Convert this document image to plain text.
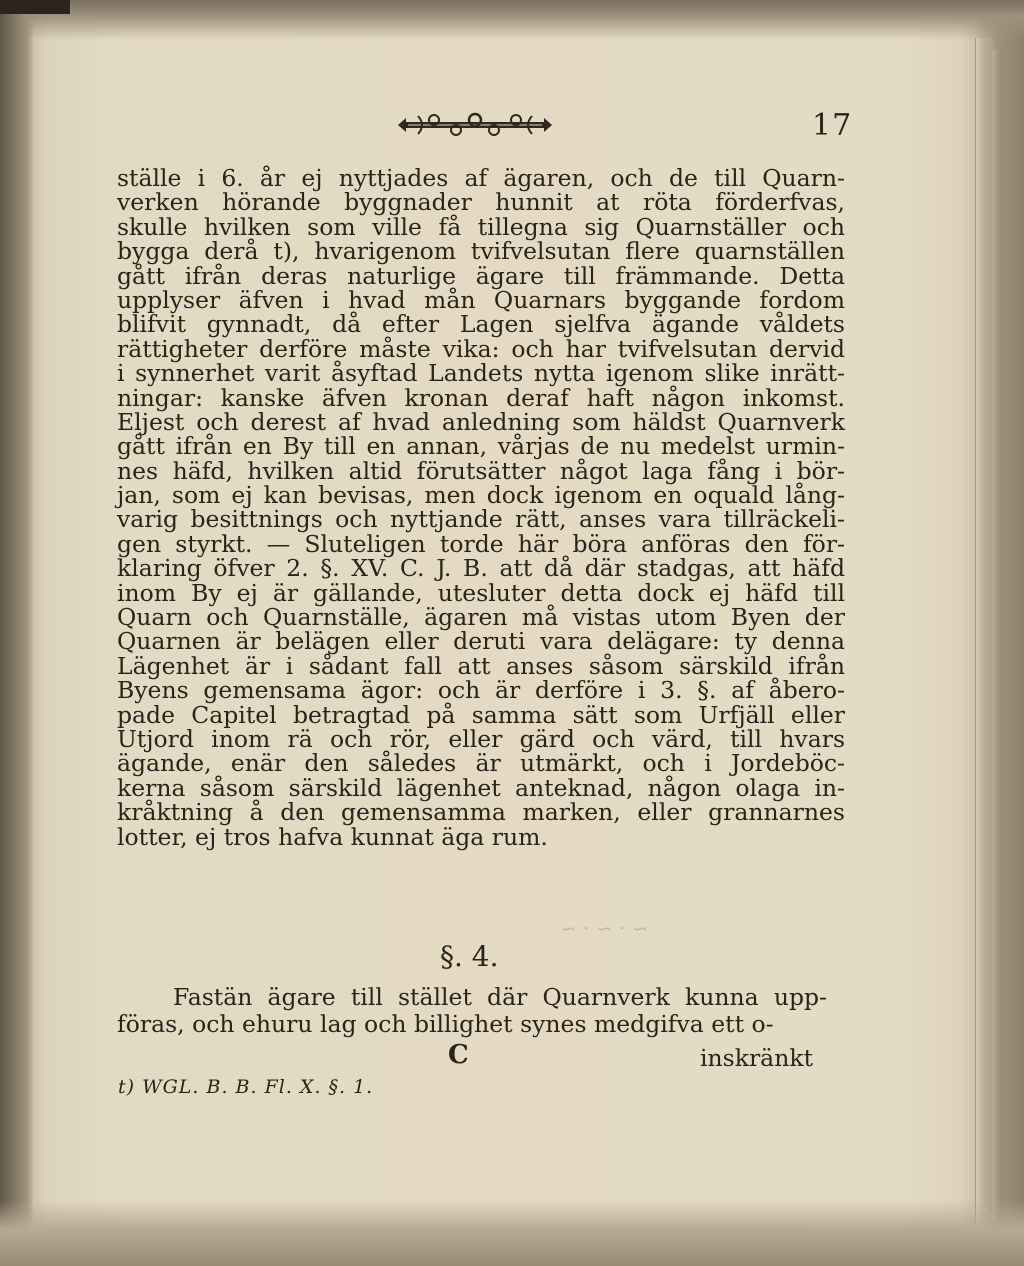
~ · ~ · ~
17
ställe i 6. år ej nyttjades af ägaren, och de till Quarn-
verken hörande byggnader hunnit at röta förderfvas,
skulle hvilken som ville få tillegna sig Quarnställer och
bygga derå t), hvarigenom tvifvelsutan flere quarnställen
gått ifrån deras naturlige ägare till främmande. Detta
upplyser äfven i hvad mån Quarnars byggande fordom
blifvit gynnadt, då efter Lagen sjelfva ägande våldets
rättigheter derföre måste vika: och har tvifvelsutan dervid
i synnerhet varit åsyftad Landets nytta igenom slike inrätt-
ningar: kanske äfven kronan deraf haft någon inkomst.
Eljest och derest af hvad anledning som häldst Quarnverk
gått ifrån en By till en annan, vårjas de nu medelst urmin-
nes häfd, hvilken altid förutsätter något laga fång i bör-
jan, som ej kan bevisas, men dock igenom en oquald lång-
varig besittnings och nyttjande rätt, anses vara tillräckeli-
gen styrkt. — Sluteligen torde här böra anföras den för-
klaring öfver 2. §. XV. C. J. B. att då där stadgas, att häfd
inom By ej är gällande, utesluter detta dock ej häfd till
Quarn och Quarnställe, ägaren må vistas utom Byen der
Quarnen är belägen eller deruti vara delägare: ty denna
Lägenhet är i sådant fall att anses såsom särskild ifrån
Byens gemensama ägor: och är derföre i 3. §. af åbero-
pade Capitel betragtad på samma sätt som Urfjäll eller
Utjord inom rä och rör, eller gärd och värd, till hvars
ägande, enär den således är utmärkt, och i Jordeböc-
kerna såsom särskild lägenhet anteknad, någon olaga in-
kråktning å den gemensamma marken, eller grannarnes
lotter, ej tros hafva kunnat äga rum.
§. 4.
Fastän ägare till stället där Quarnverk kunna upp-
föras, och ehuru lag och billighet synes medgifva ett o-
C	inskränkt
t) WGL. B. B. Fl. X. §. 1.
